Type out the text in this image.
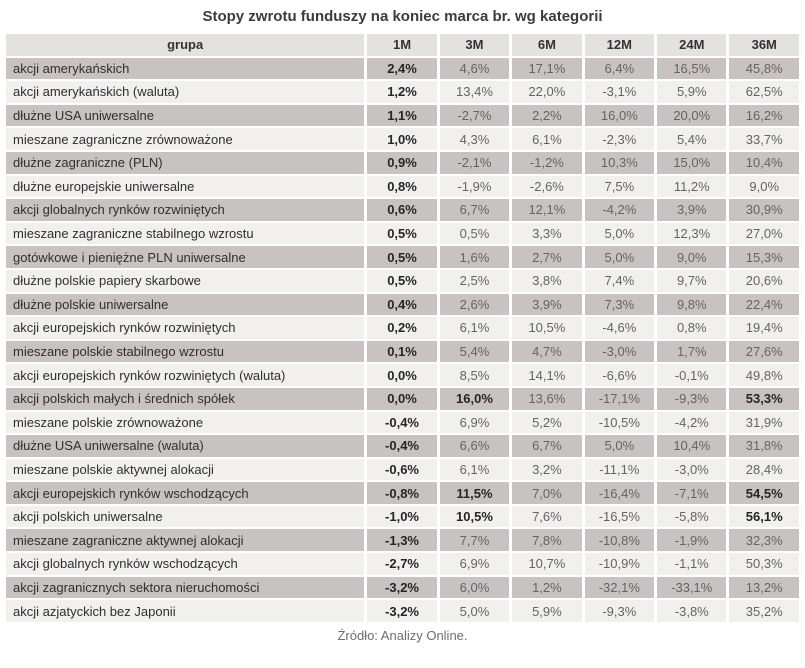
Stopy zwrotu funduszy na koniec marca br. wg kategorii
grupa	1M	3M	6M	12M	24M	36M
akcji amerykańskich	2,4%	4,6%	17,1%	6,4%	16,5%	45,8%
akcji amerykańskich (waluta)	1,2%	13,4%	22,0%	-3,1%	5,9%	62,5%
dłużne USA uniwersalne	1,1%	-2,7%	2,2%	16,0%	20,0%	16,2%
mieszane zagraniczne zrównoważone	1,0%	4,3%	6,1%	-2,3%	5,4%	33,7%
dłużne zagraniczne (PLN)	0,9%	-2,1%	-1,2%	10,3%	15,0%	10,4%
dłużne europejskie uniwersalne	0,8%	-1,9%	-2,6%	7,5%	11,2%	9,0%
akcji globalnych rynków rozwiniętych	0,6%	6,7%	12,1%	-4,2%	3,9%	30,9%
mieszane zagraniczne stabilnego wzrostu	0,5%	0,5%	3,3%	5,0%	12,3%	27,0%
gotówkowe i pieniężne PLN uniwersalne	0,5%	1,6%	2,7%	5,0%	9,0%	15,3%
dłużne polskie papiery skarbowe	0,5%	2,5%	3,8%	7,4%	9,7%	20,6%
dłużne polskie uniwersalne	0,4%	2,6%	3,9%	7,3%	9,8%	22,4%
akcji europejskich rynków rozwiniętych	0,2%	6,1%	10,5%	-4,6%	0,8%	19,4%
mieszane polskie stabilnego wzrostu	0,1%	5,4%	4,7%	-3,0%	1,7%	27,6%
akcji europejskich rynków rozwiniętych (waluta)	0,0%	8,5%	14,1%	-6,6%	-0,1%	49,8%
akcji polskich małych i średnich spółek	0,0%	16,0%	13,6%	-17,1%	-9,3%	53,3%
mieszane polskie zrównoważone	-0,4%	6,9%	5,2%	-10,5%	-4,2%	31,9%
dłużne USA uniwersalne (waluta)	-0,4%	6,6%	6,7%	5,0%	10,4%	31,8%
mieszane polskie aktywnej alokacji	-0,6%	6,1%	3,2%	-11,1%	-3,0%	28,4%
akcji europejskich rynków wschodzących	-0,8%	11,5%	7,0%	-16,4%	-7,1%	54,5%
akcji polskich uniwersalne	-1,0%	10,5%	7,6%	-16,5%	-5,8%	56,1%
mieszane zagraniczne aktywnej alokacji	-1,3%	7,7%	7,8%	-10,8%	-1,9%	32,3%
akcji globalnych rynków wschodzących	-2,7%	6,9%	10,7%	-10,9%	-1,1%	50,3%
akcji zagranicznych sektora nieruchomości	-3,2%	6,0%	1,2%	-32,1%	-33,1%	13,2%
akcji azjatyckich bez Japonii	-3,2%	5,0%	5,9%	-9,3%	-3,8%	35,2%
Źródło: Analizy Online.
